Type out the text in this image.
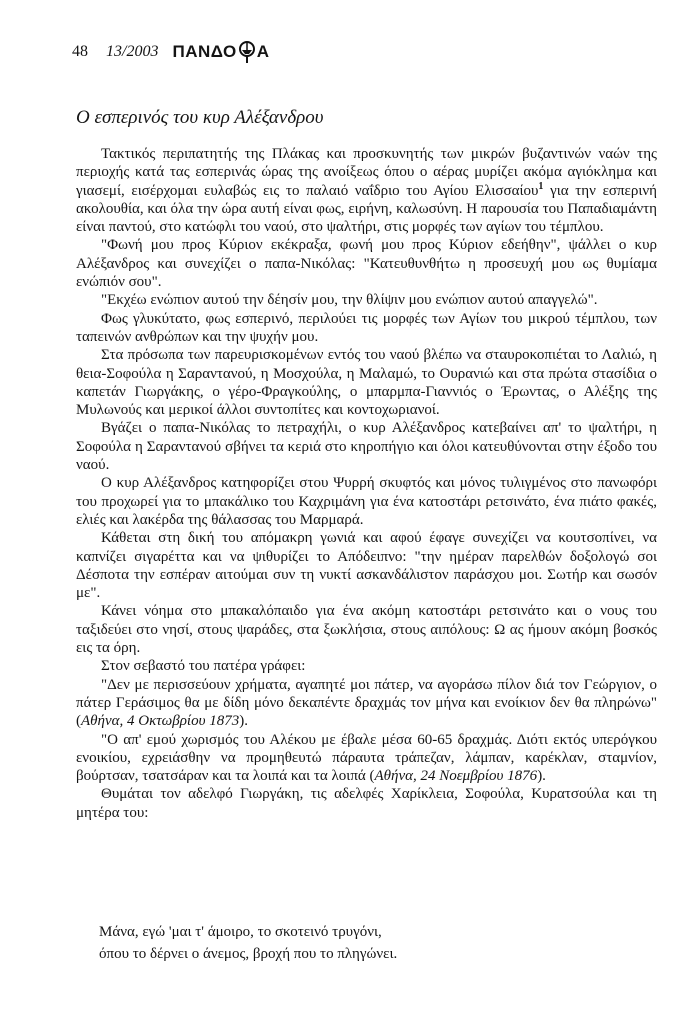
48 13/2003 ΠΑΝΔΟ Α
Ο εσπερινός του κυρ Αλέξανδρου

Τακτικός περιπατητής της Πλάκας και προσκυνητής των μικρών βυζαντινών ναών της περιοχής κατά τας εσπερινάς ώρας της ανοίξεως όπου ο αέρας μυρίζει ακόμα αγιόκλημα και γιασεμί, εισέρχομαι ευλαβώς εις το παλαιό ναΐδριο του Αγίου Ελισσαίου$^1$ για την εσπερινή ακολουθία, και όλα την ώρα αυτή είναι φως, ειρήνη, καλωσύνη. Η παρουσία του Παπαδιαμάντη είναι παντού, στο κατώφλι του ναού, στο ψαλτήρι, στις μορφές των αγίων του τέμπλου.

"Φωνή μου προς Κύριον εκέκραξα, φωνή μου προς Κύριον εδεήθην", ψάλλει ο κυρ Αλέξανδρος και συνεχίζει ο παπα-Νικόλας: "Κατευθυνθήτω η προσευχή μου ως θυμίαμα ενώπιόν σου".

"Εκχέω ενώπιον αυτού την δέησίν μου, την θλίψιν μου ενώπιον αυτού απαγγελώ".

Φως γλυκύτατο, φως εσπερινό, περιλούει τις μορφές των Αγίων του μικρού τέμπλου, των ταπεινών ανθρώπων και την ψυχήν μου.

Στα πρόσωπα των παρευρισκομένων εντός του ναού βλέπω να σταυροκοπιέται το Λαλιώ, η θεια-Σοφούλα η Σαραντανού, η Μοσχούλα, η Μαλαμώ, το Ουρανιώ και στα πρώτα στασίδια ο καπετάν Γιωργάκης, ο γέρο-Φραγκούλης, ο μπαρμπα-Γιαννιός ο Έρωντας, ο Αλέξης της Μυλωνούς και μερικοί άλλοι συντοπίτες και κοντοχωριανοί.

Βγάζει ο παπα-Νικόλας το πετραχήλι, ο κυρ Αλέξανδρος κατεβαίνει απ' το ψαλτήρι, η Σοφούλα η Σαραντανού σβήνει τα κεριά στο κηροπήγιο και όλοι κατευθύνονται στην έξοδο του ναού.

Ο κυρ Αλέξανδρος κατηφορίζει στου Ψυρρή σκυφτός και μόνος τυλιγμένος στο πανωφόρι του προχωρεί για το μπακάλικο του Καχριμάνη για ένα κατοστάρι ρετσινάτο, ένα πιάτο φακές, ελιές και λακέρδα της θάλασσας του Μαρμαρά.

Κάθεται στη δική του απόμακρη γωνιά και αφού έφαγε συνεχίζει να κουτσοπίνει, να καπνίζει σιγαρέττα και να ψιθυρίζει το Απόδειπνο: "την ημέραν παρελθών δοξολογώ σοι Δέσποτα την εσπέραν αιτούμαι συν τη νυκτί ασκανδάλιστον παράσχου μοι. Σωτήρ και σωσόν με".

Κάνει νόημα στο μπακαλόπαιδο για ένα ακόμη κατοστάρι ρετσινάτο και ο νους του ταξιδεύει στο νησί, στους ψαράδες, στα ξωκλήσια, στους αιπόλους: Ω ας ήμουν ακόμη βοσκός εις τα όρη.

Στον σεβαστό του πατέρα γράφει:

"Δεν με περισσεύουν χρήματα, αγαπητέ μοι πάτερ, να αγοράσω πίλον διά τον Γεώργιον, ο πάτερ Γεράσιμος θα με δίδη μόνο δεκαπέντε δραχμάς τον μήνα και ενοίκιον δεν θα πληρώνω" (Αθήνα, 4 Οκτωβρίου 1873).

"Ο απ' εμού χωρισμός του Αλέκου με έβαλε μέσα 60-65 δραχμάς. Διότι εκτός υπερόγκου ενοικίου, εχρειάσθην να προμηθευτώ πάραυτα τράπεζαν, λάμπαν, καρέκλαν, σταμνίον, βούρτσαν, τσατσάραν και τα λοιπά και τα λοιπά (Αθήνα, 24 Νοεμβρίου 1876).

Θυμάται τον αδελφό Γιωργάκη, τις αδελφές Χαρίκλεια, Σοφούλα, Κυρατσούλα και τη μητέρα του:

Μάνα, εγώ 'μαι τ' άμοιρο, το σκοτεινό τρυγόνι,
όπου το δέρνει ο άνεμος, βροχή που το πληγώνει.
